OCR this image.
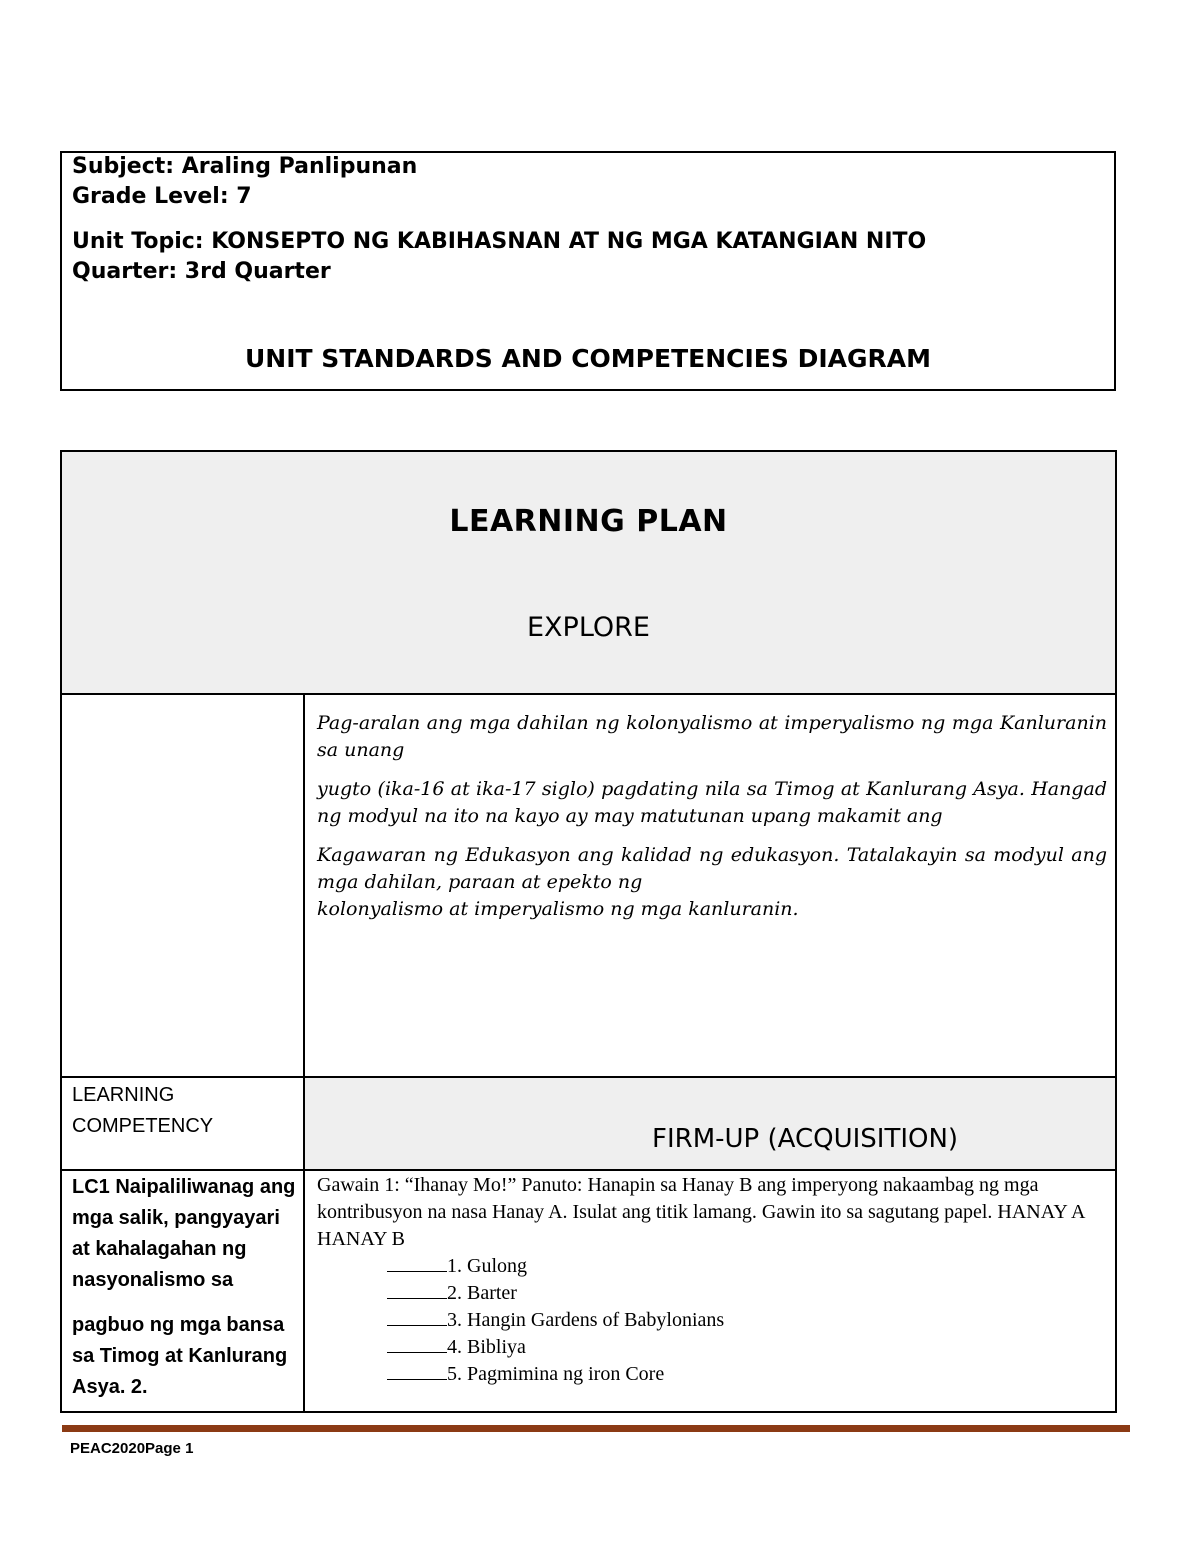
Subject: Araling Panlipunan
Grade Level: 7
Unit Topic: KONSEPTO NG KABIHASNAN AT NG MGA KATANGIAN NITO
Quarter: 3rd Quarter
UNIT STANDARDS AND COMPETENCIES DIAGRAM
LEARNING PLAN
EXPLORE

Pag-aralan ang mga dahilan ng kolonyalismo at imperyalismo ng mga Kanluranin sa unang

yugto (ika-16 at ika-17 siglo) pagdating nila sa Timog at Kanlurang Asya. Hangad ng modyul na ito na kayo ay may matutunan upang makamit ang

Kagawaran ng Edukasyon ang kalidad ng edukasyon. Tatalakayin sa modyul ang mga dahilan, paraan at epekto ng

kolonyalismo at imperyalismo ng mga kanluranin.

LEARNING COMPETENCY	FIRM-UP (ACQUISITION)

LC1 Naipaliliwanag ang mga salik, pangyayari at kahalagahan ng nasyonalismo sa

pagbuo ng mga bansa sa Timog at Kanlurang Asya. 2.

Gawain 1: “Ihanay Mo!” Panuto: Hanapin sa Hanay B ang imperyong nakaambag ng mga kontribusyon na nasa Hanay A. Isulat ang titik lamang. Gawin ito sa sagutang papel. HANAY A HANAY B

1. Gulong
2. Barter
3. Hangin Gardens of Babylonians
4. Bibliya
5. Pagmimina ng iron Core
PEAC2020Page 1
